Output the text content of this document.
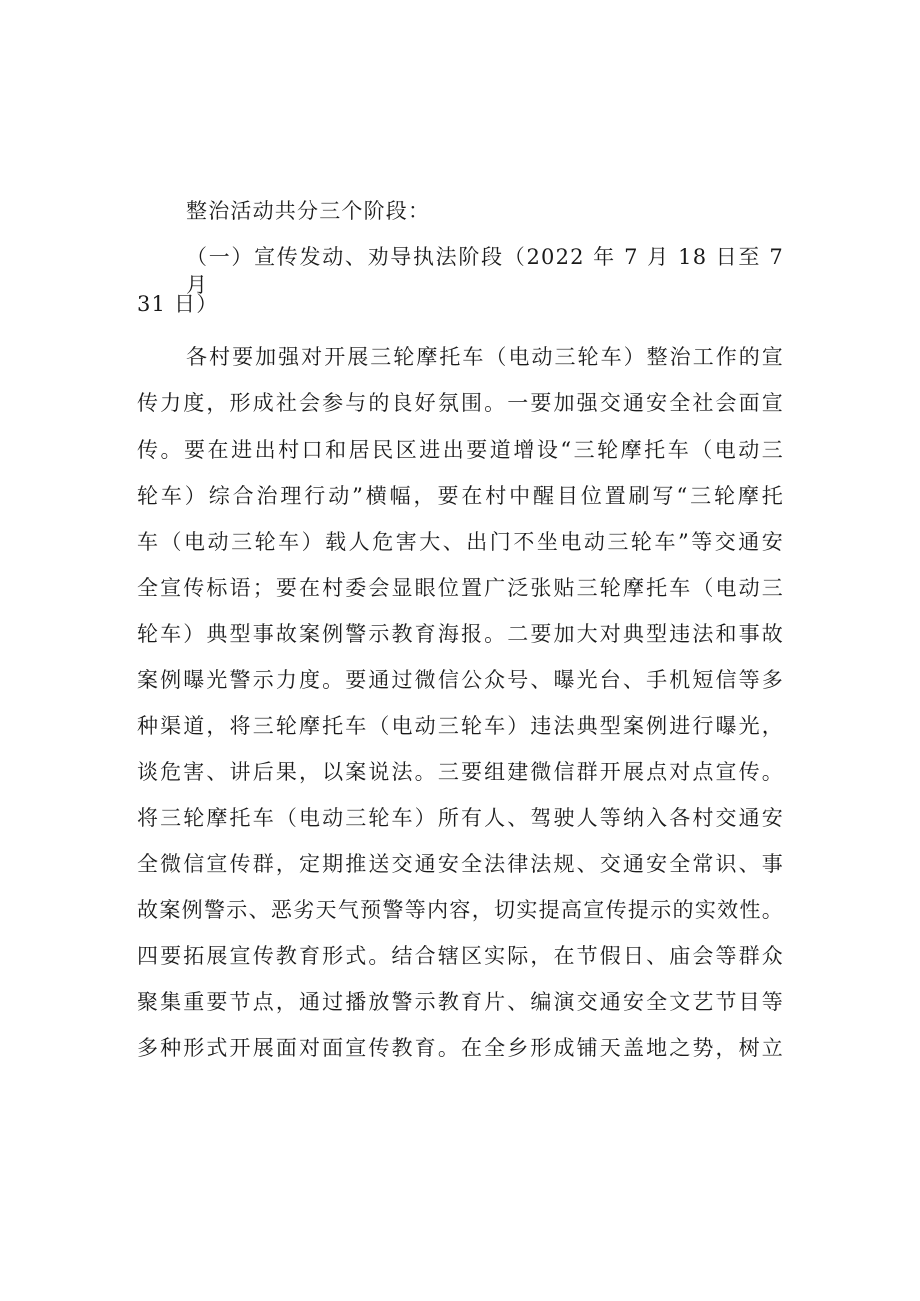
整治活动共分三个阶段：
（一）宣传发动、劝导执法阶段（2022 年 7 月 18 日至 7 月
31 日）
各村要加强对开展三轮摩托车（电动三轮车）整治工作的宣
传力度，形成社会参与的良好氛围。一要加强交通安全社会面宣
传。要在进出村口和居民区进出要道增设“三轮摩托车（电动三
轮车）综合治理行动”横幅，要在村中醒目位置刷写“三轮摩托
车（电动三轮车）载人危害大、出门不坐电动三轮车”等交通安
全宣传标语；要在村委会显眼位置广泛张贴三轮摩托车（电动三
轮车）典型事故案例警示教育海报。二要加大对典型违法和事故
案例曝光警示力度。要通过微信公众号、曝光台、手机短信等多
种渠道，将三轮摩托车（电动三轮车）违法典型案例进行曝光，
谈危害、讲后果，以案说法。三要组建微信群开展点对点宣传。
将三轮摩托车（电动三轮车）所有人、驾驶人等纳入各村交通安
全微信宣传群，定期推送交通安全法律法规、交通安全常识、事
故案例警示、恶劣天气预警等内容，切实提高宣传提示的实效性。
四要拓展宣传教育形式。结合辖区实际，在节假日、庙会等群众
聚集重要节点，通过播放警示教育片、编演交通安全文艺节目等
多种形式开展面对面宣传教育。在全乡形成铺天盖地之势，树立
